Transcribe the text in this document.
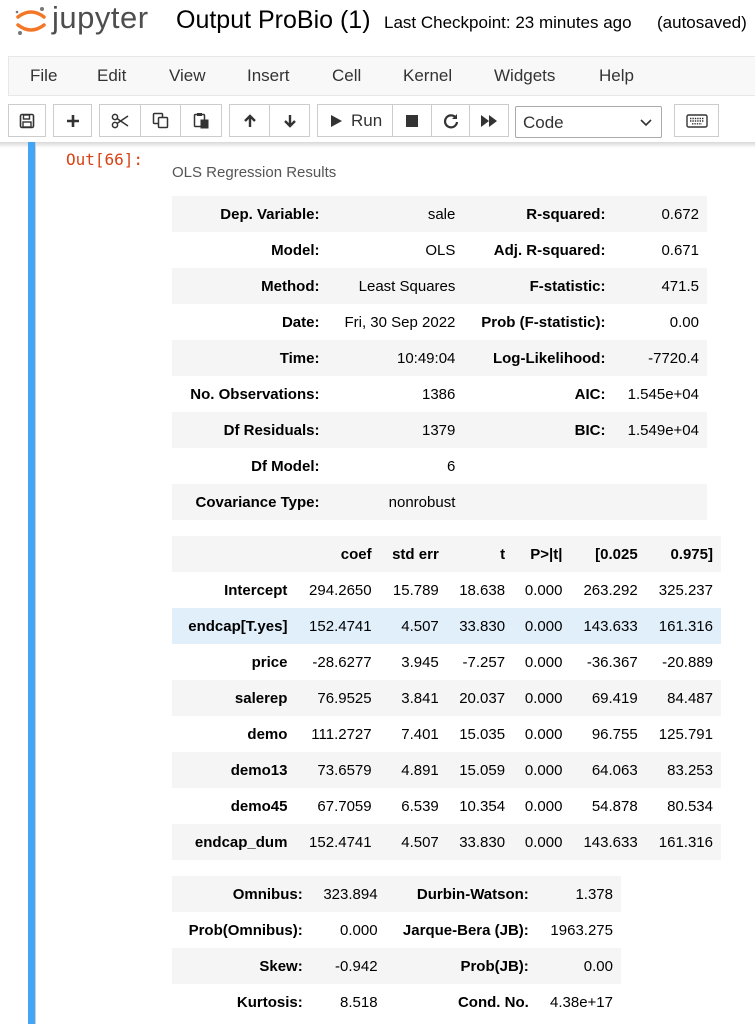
jupyter Output ProBio (1) Last Checkpoint: 23 minutes ago (autosaved)
File Edit	View Insert Cell Kernel Widgets	Help
Run	Code
Out[66]:
OLS Regression Results
Dep. Variable:	sale	R-squared:	0.672
Model:	OLS	Adj. R-squared:	0.671
Method:	Least Squares	F-statistic:	471.5
Date:	Fri, 30 Sep 2022	Prob (F-statistic):	0.00
Time:	10:49:04	Log-Likelihood:	-7720.4
No. Observations:	1386	AIC:	1.545e+04
Df Residuals:	1379	BIC:	1.549e+04
Df Model:	6		
Covariance Type:	nonrobust		
	coef	std err	t	P>|t|	[0.025	0.975]
Intercept	294.2650	15.789	18.638	0.000	263.292	325.237
endcap[T.yes]	152.4741	4.507	33.830	0.000	143.633	161.316
price	-28.6277	3.945	-7.257	0.000	-36.367	-20.889
salerep	76.9525	3.841	20.037	0.000	69.419	84.487
demo	111.2727	7.401	15.035	0.000	96.755	125.791
demo13	73.6579	4.891	15.059	0.000	64.063	83.253
demo45	67.7059	6.539	10.354	0.000	54.878	80.534
endcap_dum	152.4741	4.507	33.830	0.000	143.633	161.316
Omnibus:	323.894	Durbin-Watson:	1.378
Prob(Omnibus):	0.000	Jarque-Bera (JB):	1963.275
Skew:	-0.942	Prob(JB):	0.00
Kurtosis:	8.518	Cond. No.	4.38e+17
